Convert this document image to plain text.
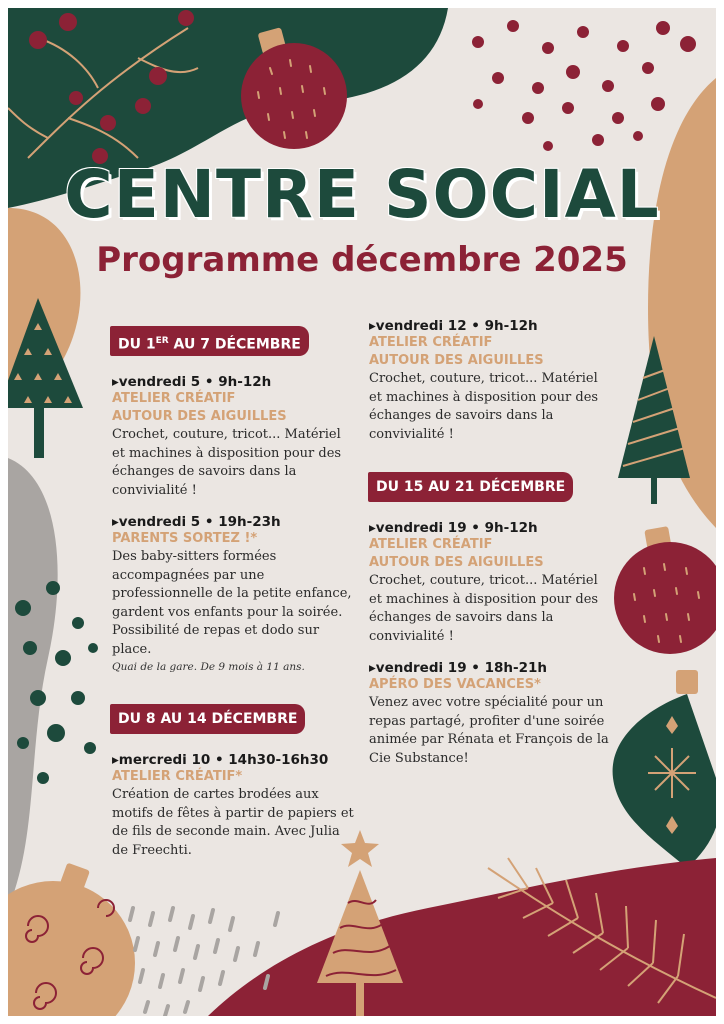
CENTRE SOCIAL
Programme décembre 2025
DU 1ER AU 7 DÉCEMBRE
▸vendredi 5 • 9h-12h
ATELIER CRÉATIF
AUTOUR DES AIGUILLES
Crochet, couture, tricot... Matériel et machines à disposition pour des échanges de savoirs dans la convivialité !
▸vendredi 5 • 19h-23h
PARENTS SORTEZ !*
Des baby-sitters formées accompagnées par une professionnelle de la petite enfance, gardent vos enfants pour la soirée. Possibilité de repas et dodo sur place.
Quai de la gare. De 9 mois à 11 ans.
DU 8 AU 14 DÉCEMBRE
▸mercredi 10 • 14h30-16h30
ATELIER CRÉATIF*
Création de cartes brodées aux motifs de fêtes à partir de papiers et de fils de seconde main. Avec Julia de Freechti.
▸vendredi 12 • 9h-12h
ATELIER CRÉATIF
AUTOUR DES AIGUILLES
Crochet, couture, tricot... Matériel et machines à disposition pour des échanges de savoirs dans la convivialité !
DU 15 AU 21 DÉCEMBRE
▸vendredi 19 • 9h-12h
ATELIER CRÉATIF
AUTOUR DES AIGUILLES
Crochet, couture, tricot... Matériel et machines à disposition pour des échanges de savoirs dans la convivialité !
▸vendredi 19 • 18h-21h
APÉRO DES VACANCES*
Venez avec votre spécialité pour un repas partagé, profiter d'une soirée animée par Rénata et François de la Cie Substance!
